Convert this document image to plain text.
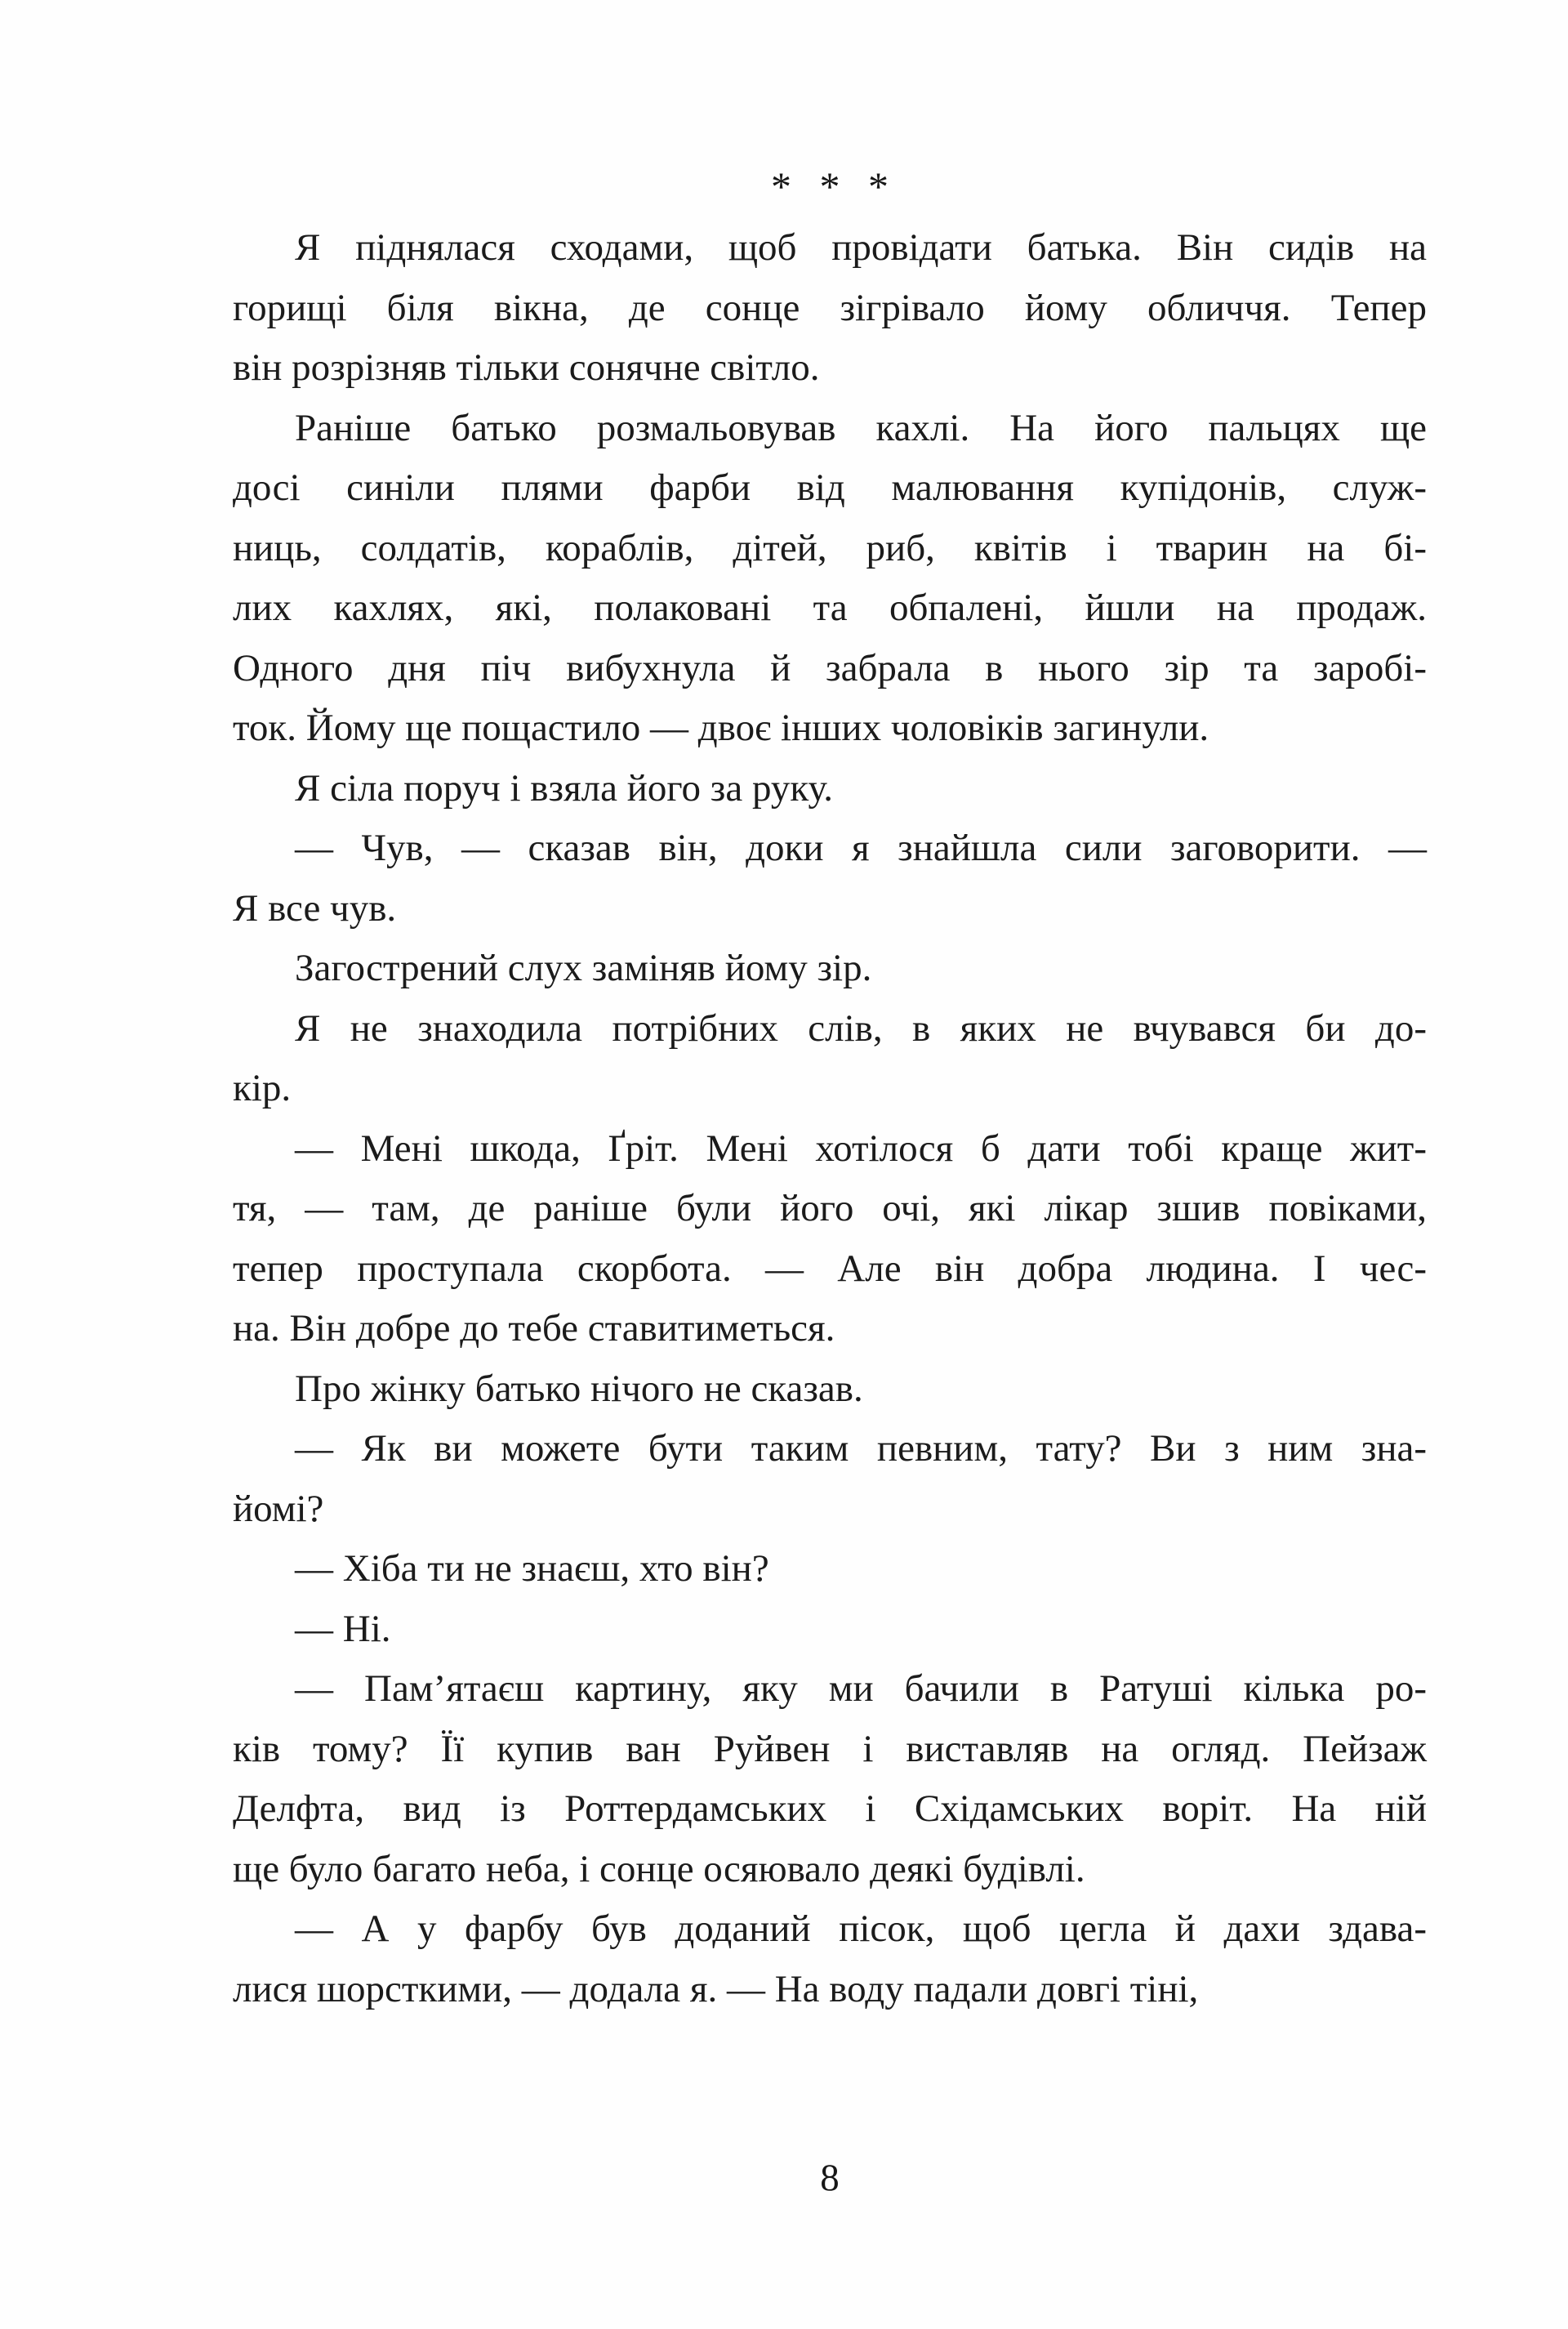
* * *
Я піднялася сходами, щоб провідати батька. Він сидів на
горищі біля вікна, де сонце зігрівало йому обличчя. Тепер
він розрізняв тільки сонячне світло.
Раніше батько розмальовував кахлі. На його пальцях ще
досі синіли плями фарби від малювання купідонів, служ-
ниць, солдатів, кораблів, дітей, риб, квітів і тварин на бі-
лих кахлях, які, полаковані та обпалені, йшли на продаж.
Одного дня піч вибухнула й забрала в нього зір та заробі-
ток. Йому ще пощастило — двоє інших чоловіків загинули.
Я сіла поруч і взяла його за руку.
— Чув, — сказав він, доки я знайшла сили заговорити. —
Я все чув.
Загострений слух заміняв йому зір.
Я не знаходила потрібних слів, в яких не вчувався би до-
кір.
— Мені шкода, Ґріт. Мені хотілося б дати тобі краще жит-
тя, — там, де раніше були його очі, які лікар зшив повіками,
тепер проступала скорбота. — Але він добра людина. І чес-
на. Він добре до тебе ставитиметься.
Про жінку батько нічого не сказав.
— Як ви можете бути таким певним, тату? Ви з ним зна-
йомі?
— Хіба ти не знаєш, хто він?
— Ні.
— Пам’ятаєш картину, яку ми бачили в Ратуші кілька ро-
ків тому? Її купив ван Руйвен і виставляв на огляд. Пейзаж
Делфта, вид із Роттердамських і Східамських воріт. На ній
ще було багато неба, і сонце осяювало деякі будівлі.
— А у фарбу був доданий пісок, щоб цегла й дахи здава-
лися шорсткими, — додала я. — На воду падали довгі тіні,
8
